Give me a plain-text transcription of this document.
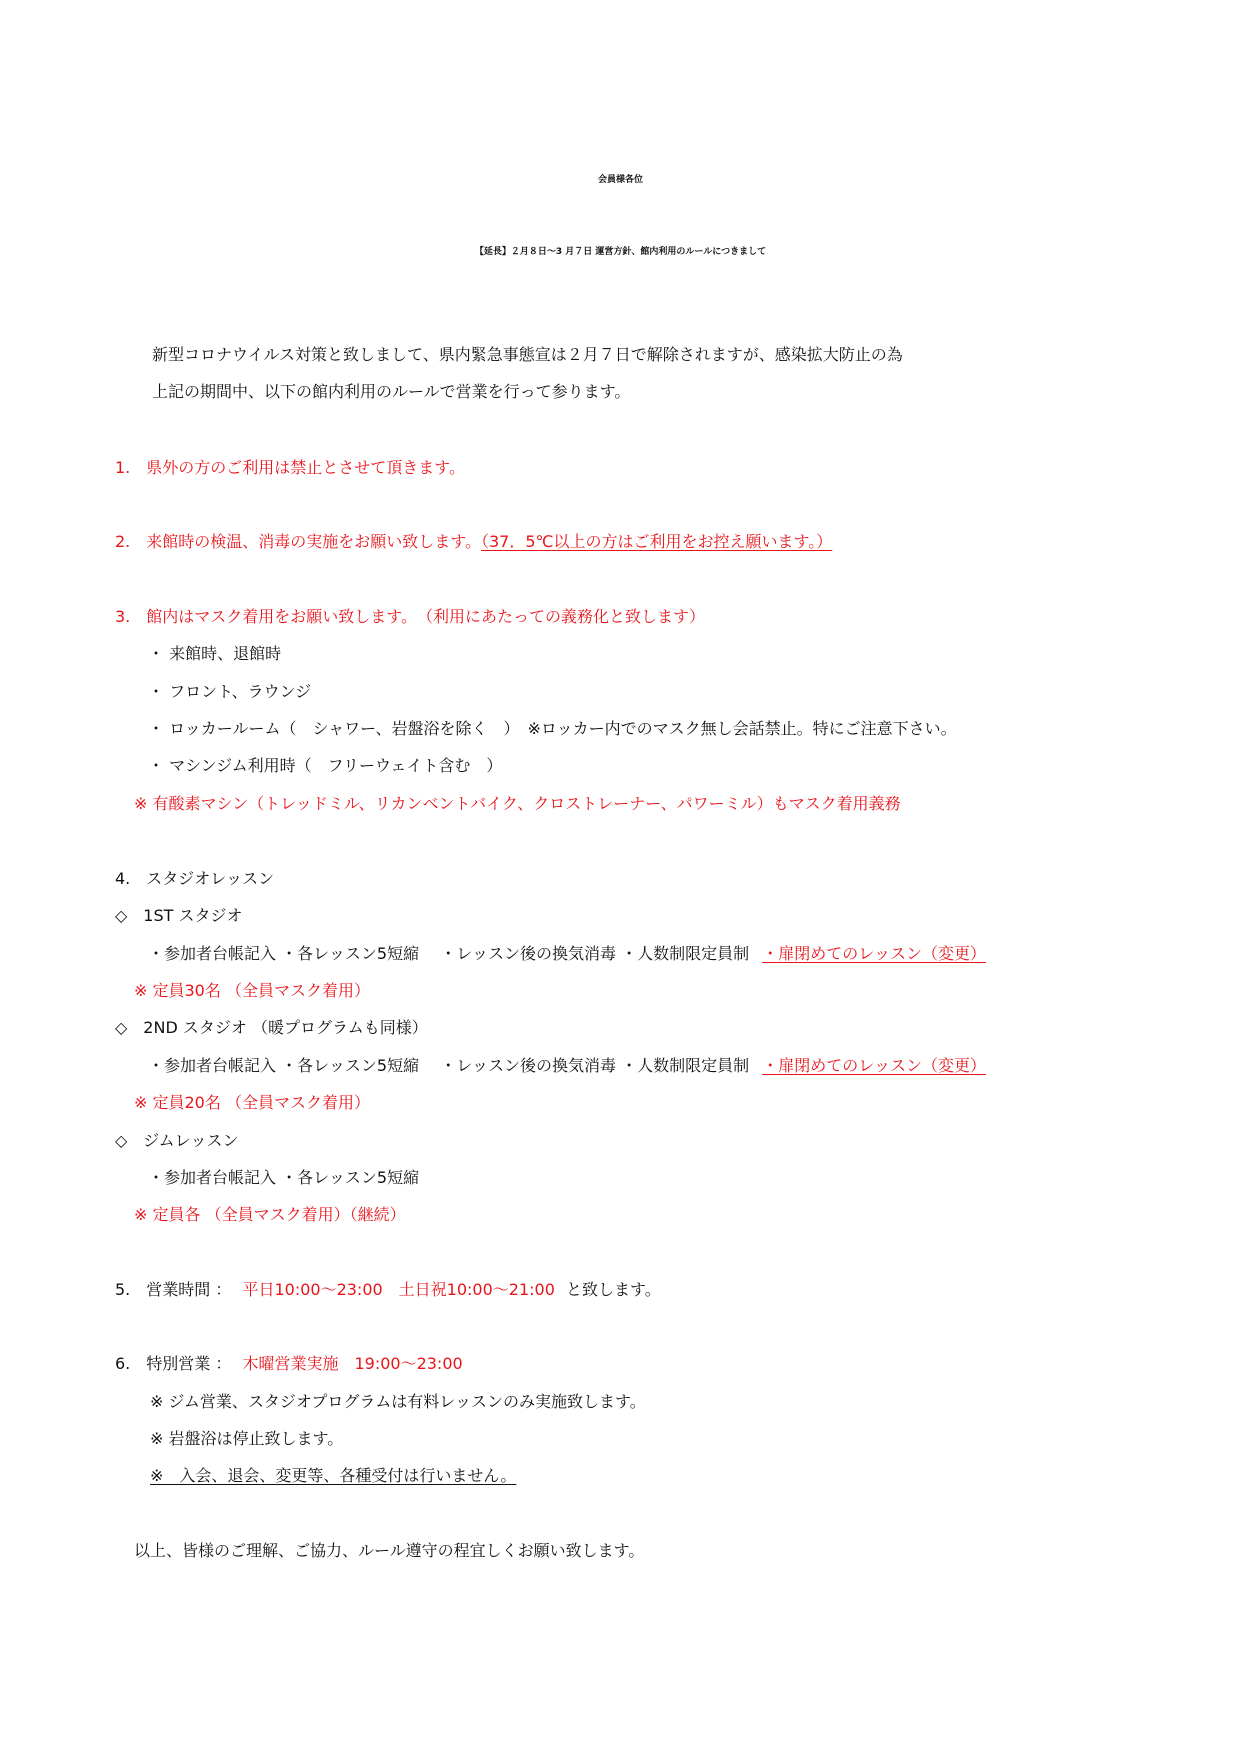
会員様各位
【延長】２月８日～3 月７日 運営方針、館内利用のルールにつきまして
新型コロナウイルス対策と致しまして、県内緊急事態宣は２月７日で解除されますが、感染拡大防止の為
上記の期間中、以下の館内利用のルールで営業を行って参ります。
1.　県外の方のご利用は禁止とさせて頂きます。
2.　来館時の検温、消毒の実施をお願い致します。（37．5℃以上の方はご利用をお控え願います。）
3.　館内はマスク着用をお願い致します。　（利用にあたっての義務化と致します）
・ 来館時、退館時
・ フロント、ラウンジ
・ ロッカールーム（　シャワー、岩盤浴を除く　）　※ロッカー内でのマスク無し会話禁止。特にご注意下さい。
・ マシンジム利用時（　フリーウェイト含む　）
※ 有酸素マシン（トレッドミル、リカンベントバイク、クロストレーナー、パワーミル）もマスク着用義務
4.　スタジオレッスン
◇　1ST スタジオ
・参加者台帳記入 ・各レッスン5短縮　 ・レッスン後の換気消毒 ・人数制限定員制 ・扉閉めてのレッスン（変更）
※ 定員30名 （全員マスク着用）
◇　2ND スタジオ （暖プログラムも同様）
・参加者台帳記入 ・各レッスン5短縮　 ・レッスン後の換気消毒 ・人数制限定員制 ・扉閉めてのレッスン（変更）
※ 定員20名 （全員マスク着用）
◇　ジムレッスン
・参加者台帳記入 ・各レッスン5短縮
※ 定員各 （全員マスク着用）（継続）
5.　営業時間 ： 平日10:00～23:00　土日祝10:00～21:00 と致します。
6.　特別営業 ： 木曜営業実施　19:00～23:00
※ ジム営業、スタジオプログラムは有料レッスンのみ実施致します。
※ 岩盤浴は停止致します。
※　入会、退会、変更等、各種受付は行いません。
以上、皆様のご理解、ご協力、ルール遵守の程宜しくお願い致します。
